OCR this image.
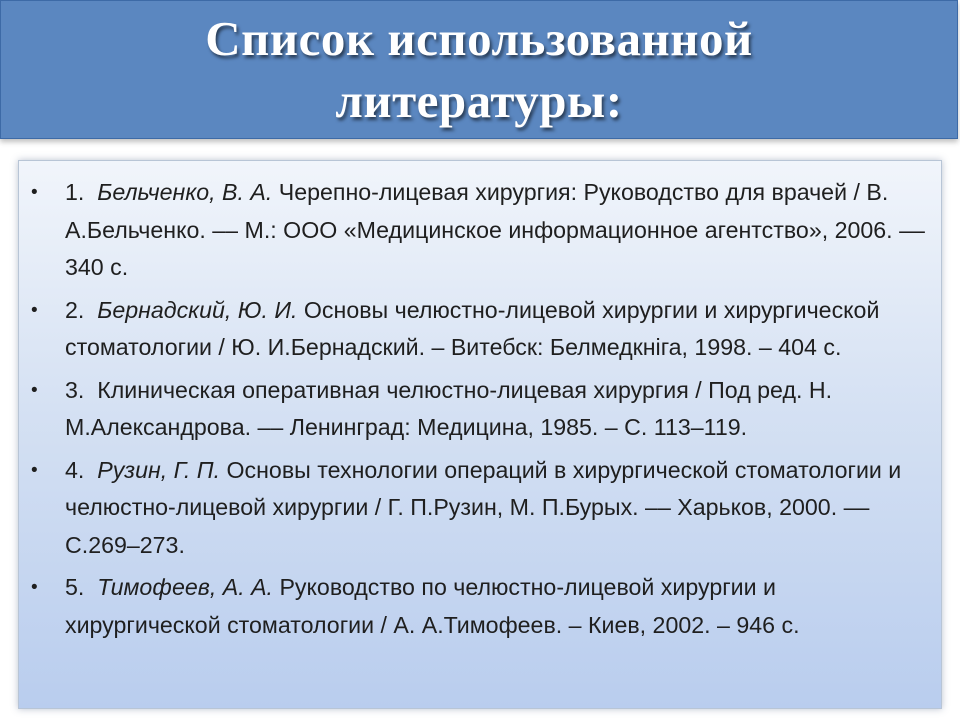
Список использованной
литературы:
• 1. Бельченко, В. А. Черепно-лицевая хирургия: Руководство для врачей / В. А.Бельченко. –– М.: ООО «Медицинское информационное агентство», 2006. –– 340 с.
• 2. Бернадский, Ю. И. Основы челюстно-лицевой хирургии и хирургической стоматологии / Ю. И.Бернадский. – Витебск: Белмедкніга, 1998. – 404 с.
• 3. Клиническая оперативная челюстно-лицевая хирургия / Под ред. Н. М.Александрова. –– Ленинград: Медицина, 1985. – С. 113–119.
• 4. Рузин, Г. П. Основы технологии операций в хирургической стоматологии и челюстно-лицевой хирургии / Г. П.Рузин, М. П.Бурых. –– Харьков, 2000. –– С.269–273.
• 5. Тимофеев, А. А. Руководство по челюстно-лицевой хирургии и хирургической стоматологии / А. А.Тимофеев. – Киев, 2002. – 946 с.
